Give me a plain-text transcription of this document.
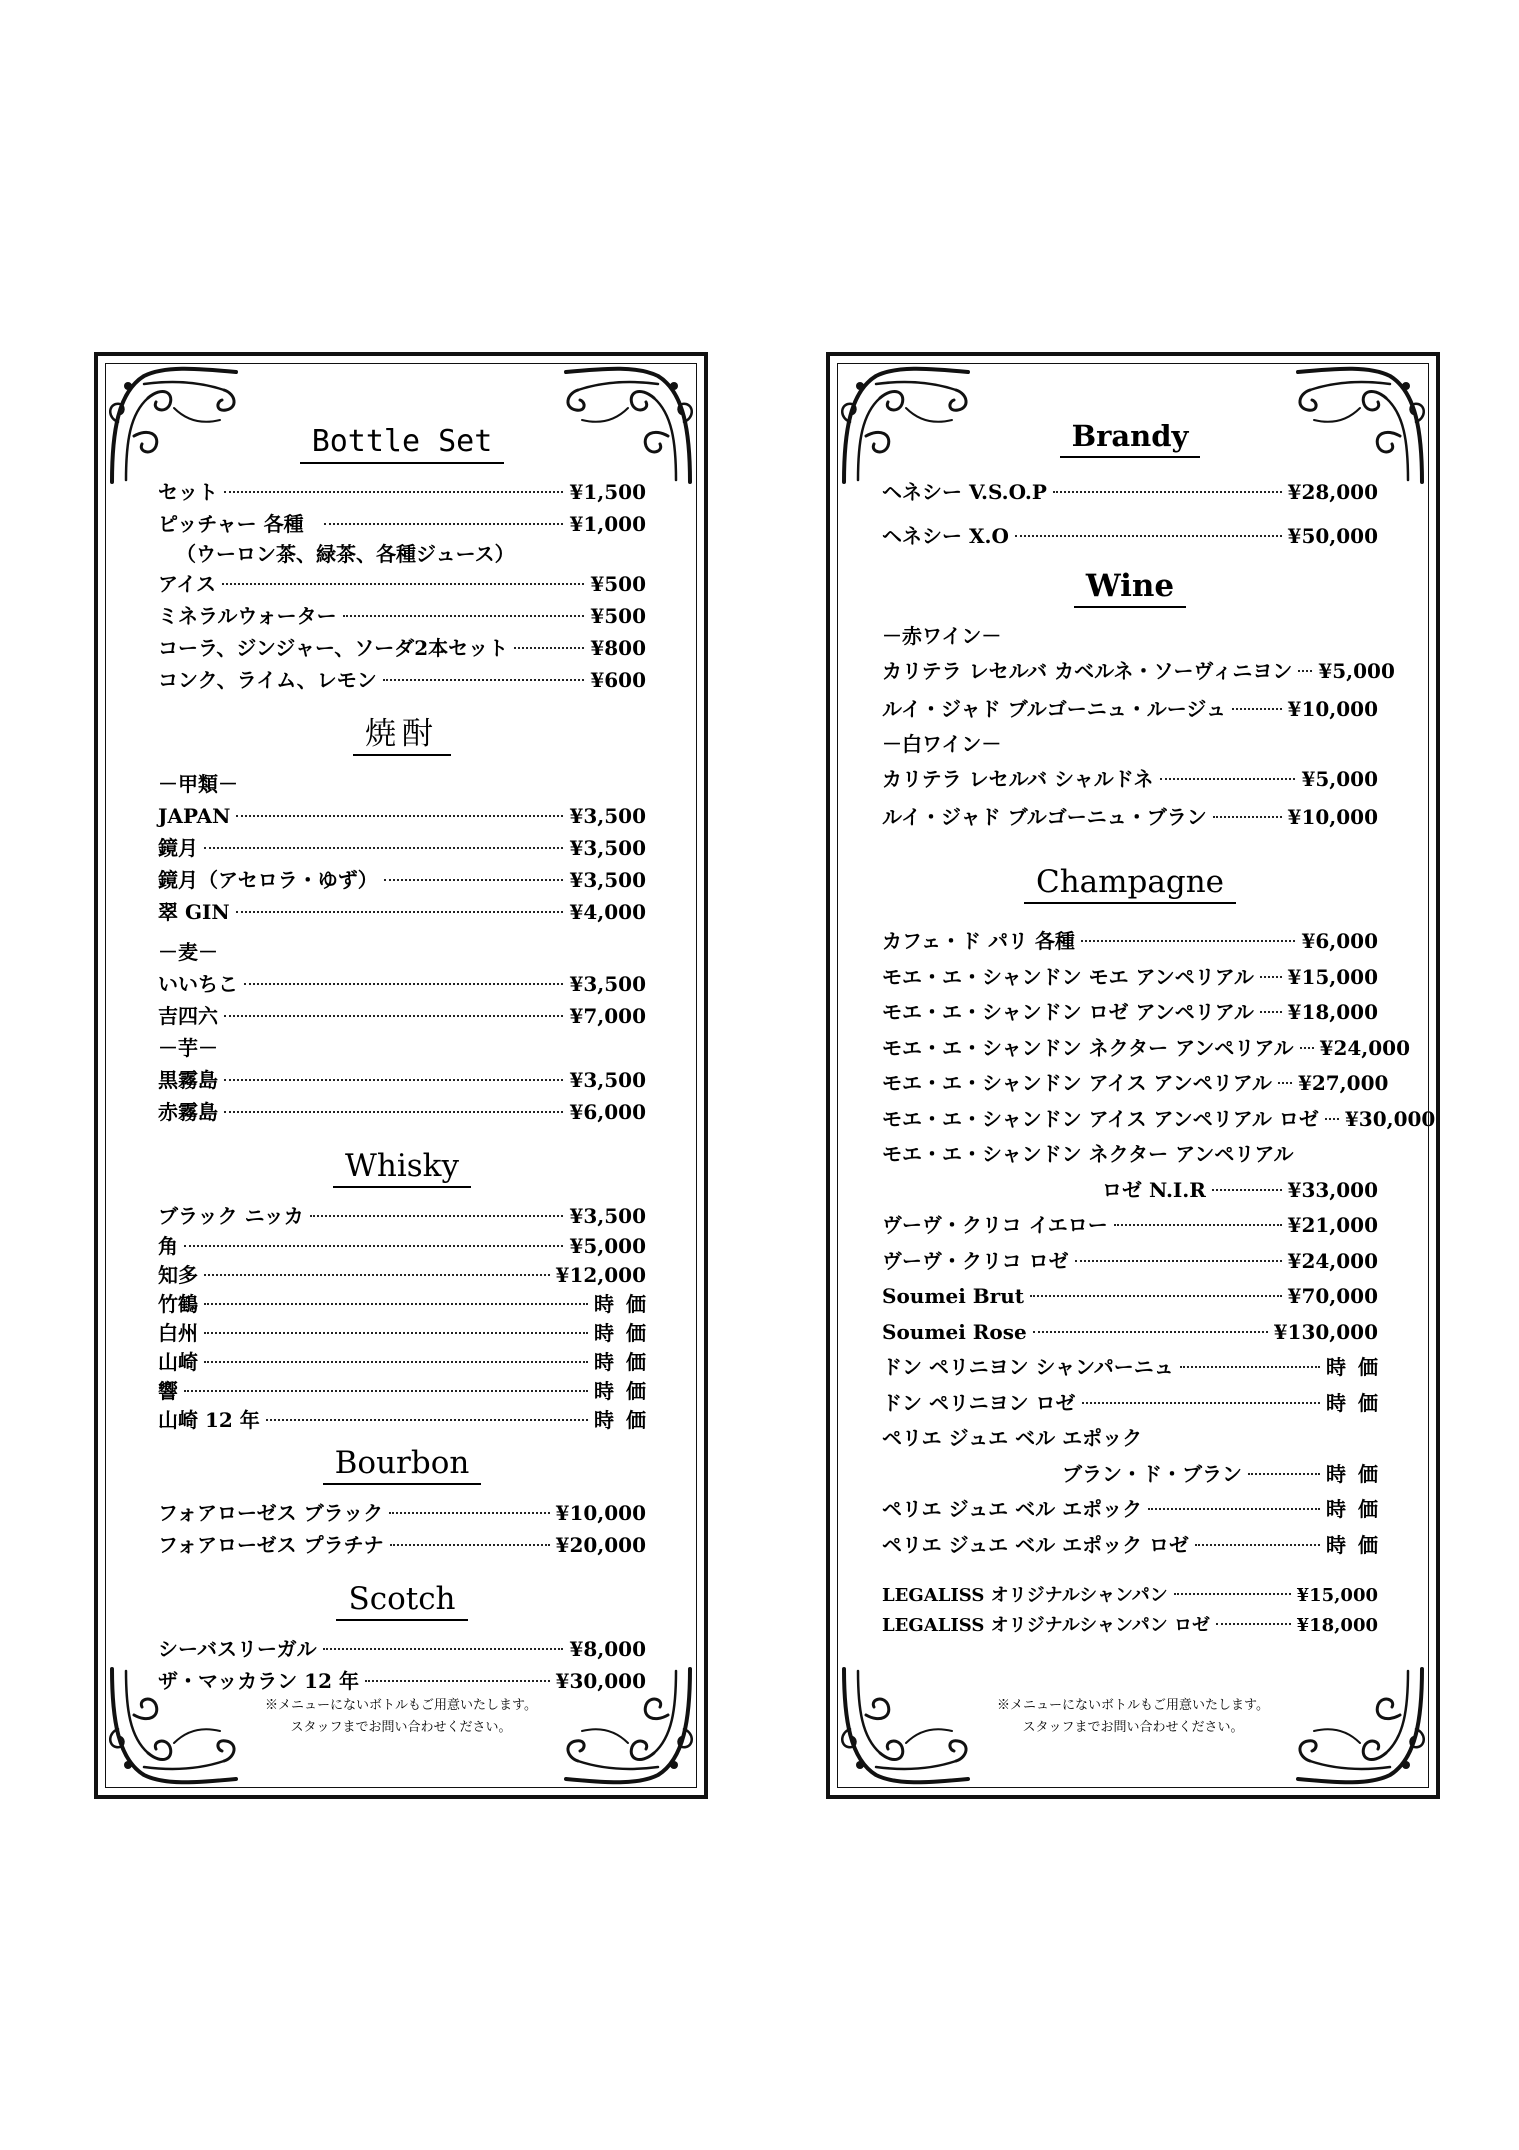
Bottle Set
セット	¥1,500
ピッチャー 各種	¥1,000
（ウーロン茶、緑茶、各種ジュース）
アイス	¥500
ミネラルウォーター	¥500
コーラ、ジンジャー、ソーダ2本セット	¥800
コンク、ライム、レモン	¥600
焼酎
－甲類－
JAPAN	¥3,500
鏡月	¥3,500
鏡月（アセロラ・ゆず）	¥3,500
翠 GIN	¥4,000
－麦－
いいちこ	¥3,500
吉四六	¥7,000
－芋－
黒霧島	¥3,500
赤霧島	¥6,000
Whisky
ブラック ニッカ	¥3,500
角	¥5,000
知多	¥12,000
竹鶴	時価
白州	時価
山崎	時価
響	時価
山崎 12 年	時価
Bourbon
フォアローゼス ブラック	¥10,000
フォアローゼス プラチナ	¥20,000
Scotch
シーバスリーガル	¥8,000
ザ・マッカラン 12 年	¥30,000
※メニューにないボトルもご用意いたします。
スタッフまでお問い合わせください。
Brandy
ヘネシー V.S.O.P	¥28,000
ヘネシー X.O	¥50,000
Wine
－赤ワイン－
カリテラ レセルバ カベルネ・ソーヴィニヨン ¥5,000
ルイ・ジャド ブルゴーニュ・ルージュ	¥10,000
－白ワイン－
カリテラ レセルバ シャルドネ	¥5,000
ルイ・ジャド ブルゴーニュ・ブラン	¥10,000
Champagne
カフェ・ド パリ 各種	¥6,000
モエ・エ・シャンドン モエ アンペリアル ¥15,000
モエ・エ・シャンドン ロゼ アンペリアル ¥18,000
モエ・エ・シャンドン ネクター アンペリアル ¥24,000
モエ・エ・シャンドン アイス アンペリアル ¥27,000
モエ・エ・シャンドン アイス アンペリアル ロゼ ¥30,000
モエ・エ・シャンドン ネクター アンペリアル
ロゼ N.I.R	¥33,000
ヴーヴ・クリコ イエロー	¥21,000
ヴーヴ・クリコ ロゼ	¥24,000
Soumei Brut	¥70,000
Soumei Rose	¥130,000
ドン ペリニヨン シャンパーニュ	時価
ドン ペリニヨン ロゼ	時価
ペリエ ジュエ ベル エポック
ブラン・ド・ブラン	時価
ペリエ ジュエ ベル エポック	時価
ペリエ ジュエ ベル エポック ロゼ	時価
LEGALISS オリジナルシャンパン	¥15,000
LEGALISS オリジナルシャンパン ロゼ	¥18,000
※メニューにないボトルもご用意いたします。
スタッフまでお問い合わせください。
